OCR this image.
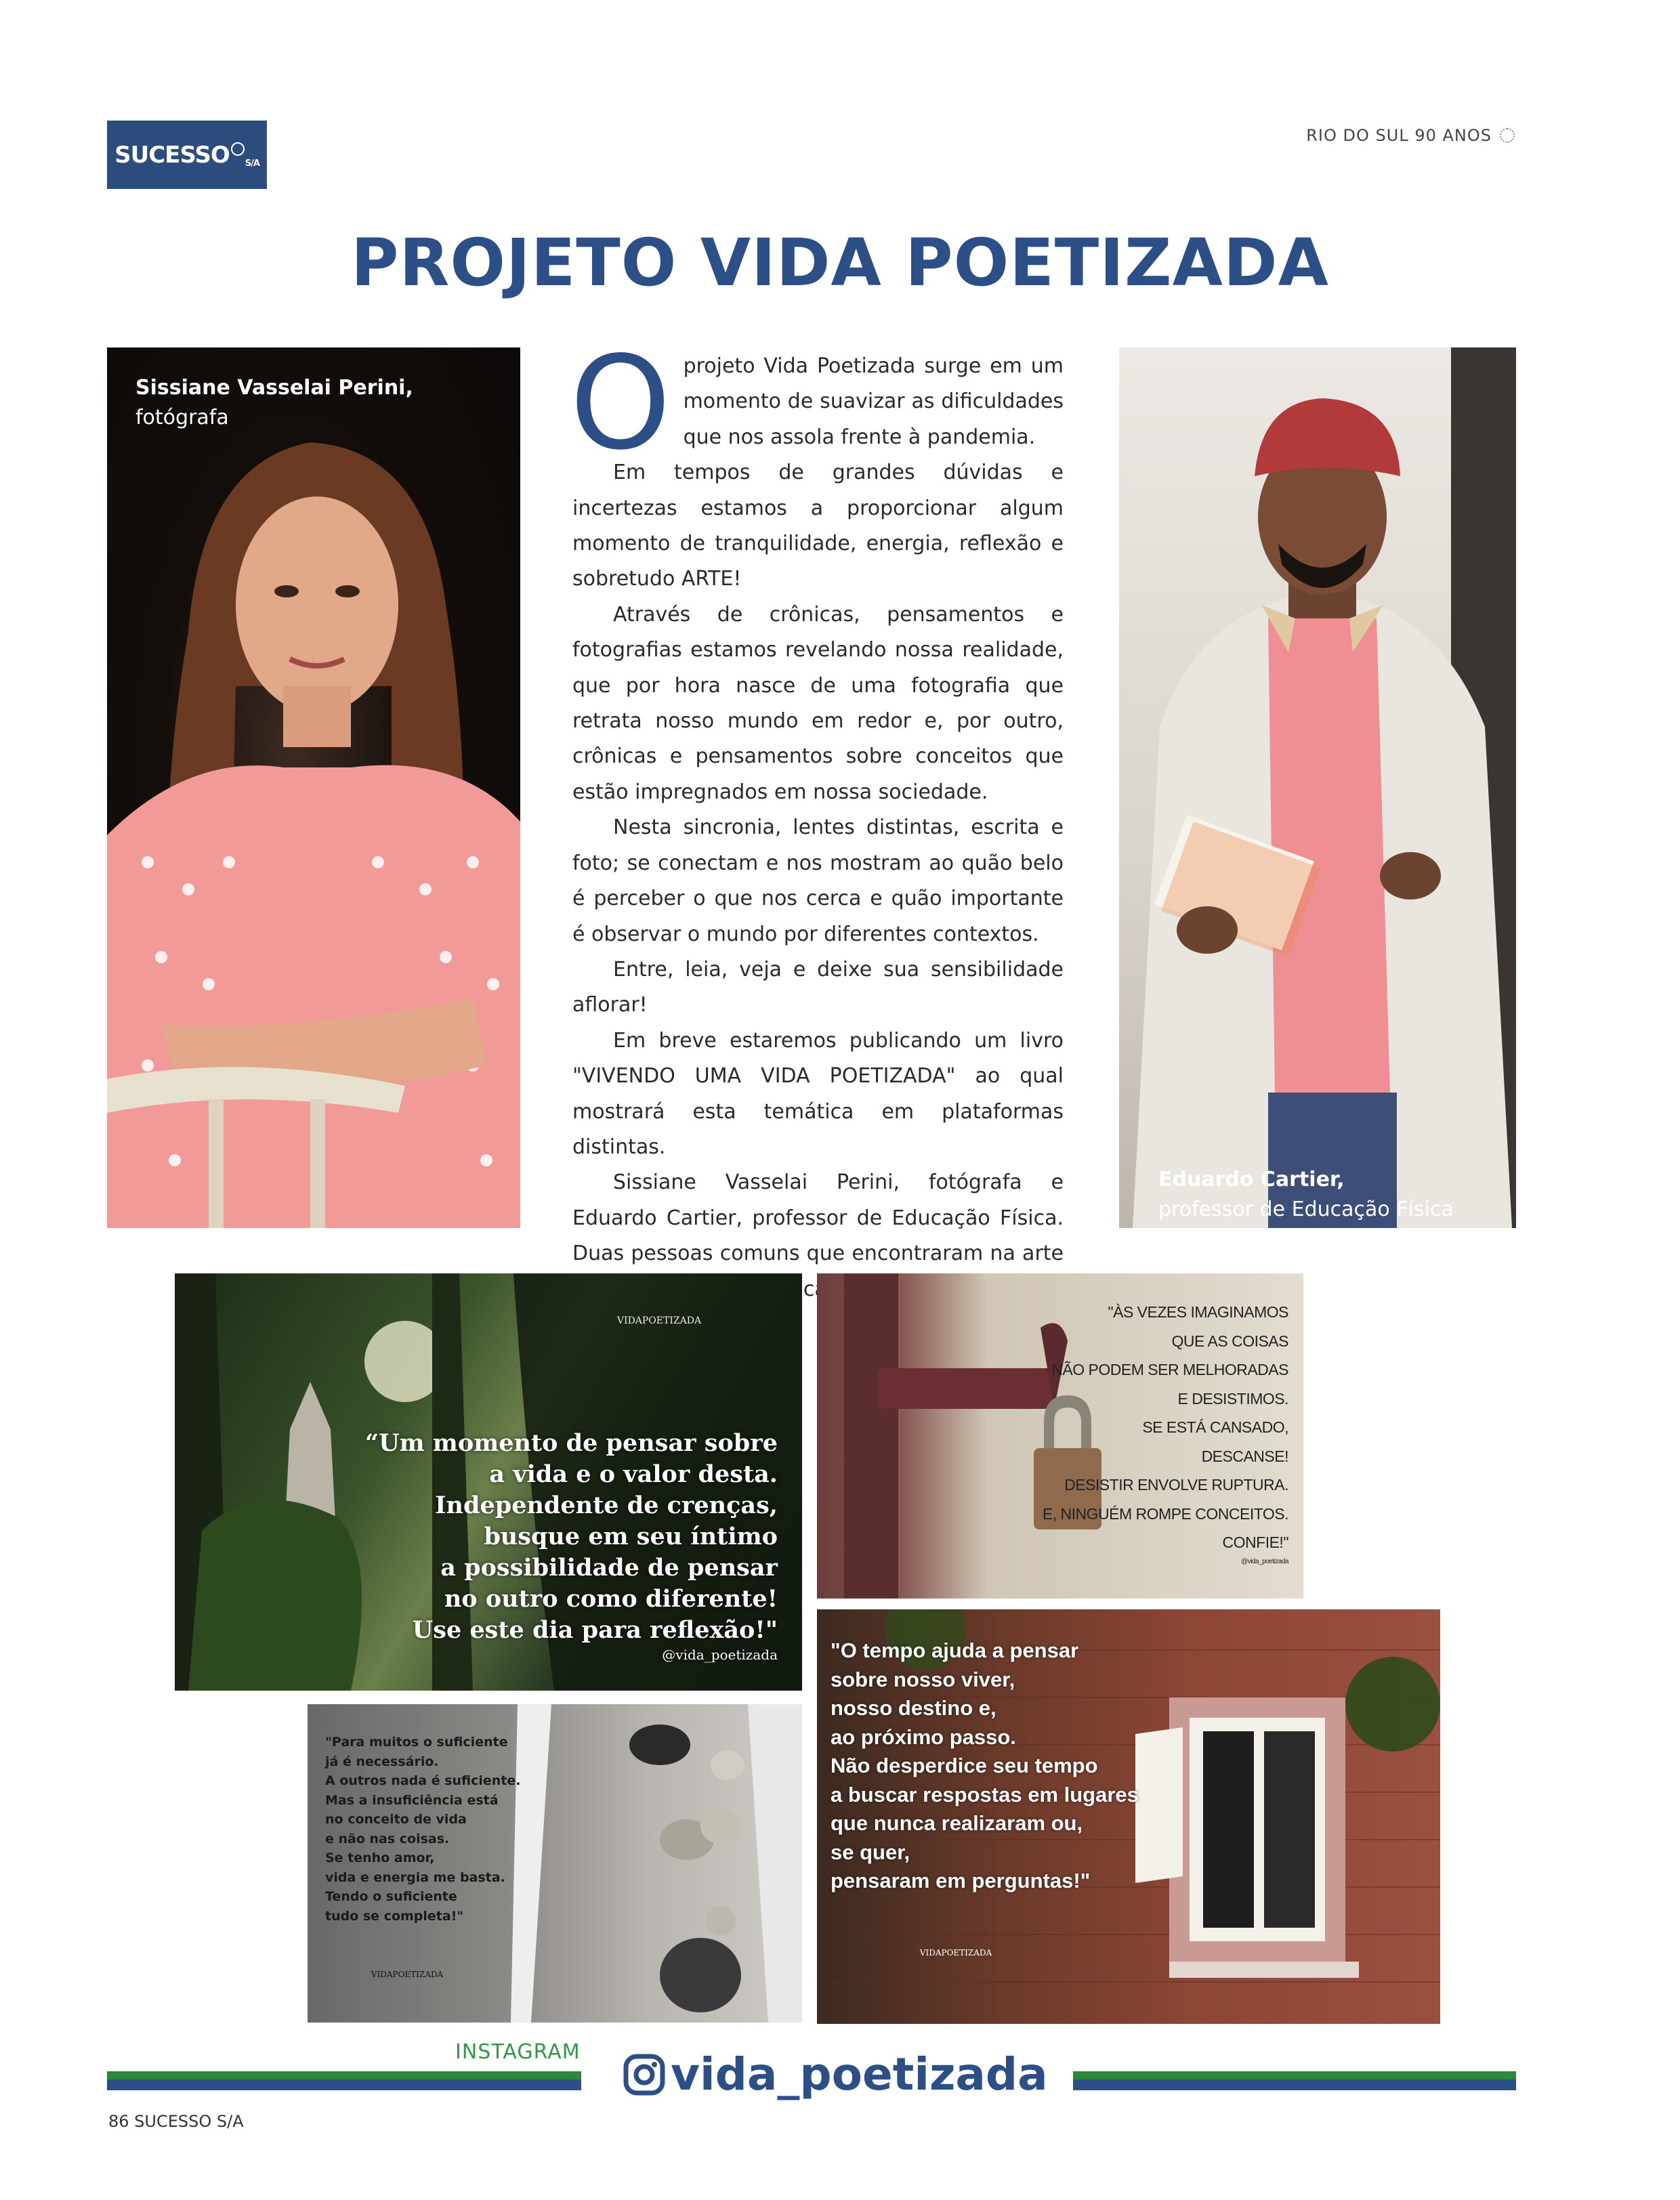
SUCESSO S/A
RIO DO SUL 90 ANOS
PROJETO VIDA POETIZADA
Sissiane Vasselai Perini,
fotógrafa	O projeto Vida Poetizada surge em um momento de suavizar as dificuldades que nos assola frente à pandemia.

Em tempos de grandes dúvidas e incertezas estamos a proporcionar algum momento de tranquilidade, energia, reflexão e sobretudo ARTE!

Através de crônicas, pensamentos e fotografias estamos revelando nossa realidade, que por hora nasce de uma fotografia que retrata nosso mundo em redor e, por outro, crônicas e pensamentos sobre conceitos que estão impregnados em nossa sociedade.

Nesta sincronia, lentes distintas, escrita e foto; se conectam e nos mostram ao quão belo é perceber o que nos cerca e quão importante é observar o mundo por diferentes contextos.

Entre, leia, veja e deixe sua sensibilidade aflorar!

Em breve estaremos publicando um livro "VIVENDO UMA VIDA POETIZADA" ao qual mostrará esta temática em plataformas distintas.

Sissiane Vasselai Perini, fotógrafa e Eduardo Cartier, professor de Educação Física. Duas pessoas comuns que encontraram na arte

Eduardo Cartier,
professor de Educação Física
VIDAPOETIZADA
“Um momento de pensar sobre
a vida e o valor desta.
Independente de crenças,
busque em seu íntimo
a possibilidade de pensar
no outro como diferente!
Use este dia para reflexão!"
@vida_poetizada
"ÀS VEZES IMAGINAMOS
QUE AS COISAS
NÃO PODEM SER MELHORADAS
E DESISTIMOS.
SE ESTÁ CANSADO,
DESCANSE!
DESISTIR ENVOLVE RUPTURA.
E, NINGUÉM ROMPE CONCEITOS.
CONFIE!"
@vida_poetizada
"Para muitos o suficiente
já é necessário.
A outros nada é suficiente.
Mas a insuficiência está
no conceito de vida
e não nas coisas.
Se tenho amor,
vida e energia me basta.
Tendo o suficiente
tudo se completa!"
VIDAPOETIZADA
"O tempo ajuda a pensar
sobre nosso viver,
nosso destino e,
ao próximo passo.
Não desperdice seu tempo
a buscar respostas em lugares
que nunca realizaram ou,
se quer,
pensaram em perguntas!"
VIDAPOETIZADA
INSTAGRAM vida_poetizada
86 SUCESSO S/A
